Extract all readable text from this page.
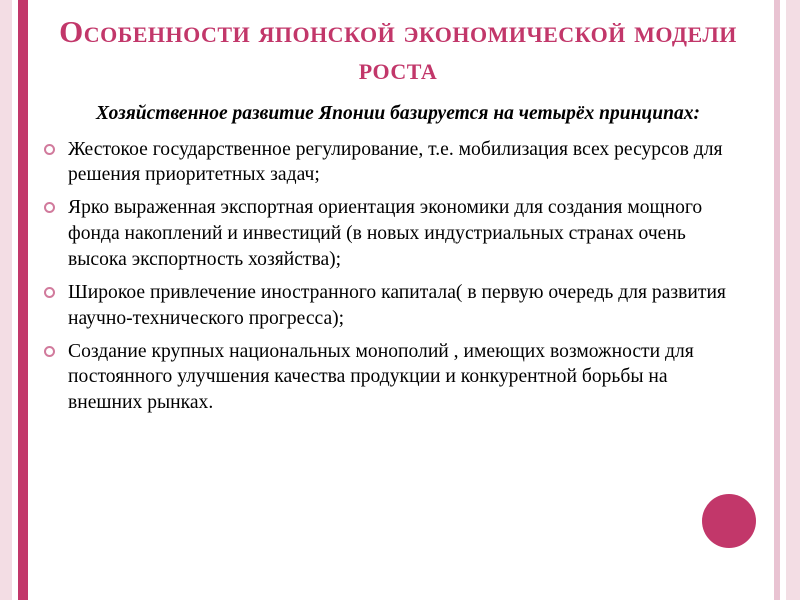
Особенности японской экономической модели роста

Хозяйственное развитие Японии базируется на четырёх принципах:

Жестокое государственное регулирование, т.е. мобилизация всех ресурсов для решения приоритетных задач;
Ярко выраженная экспортная ориентация экономики для создания мощного фонда накоплений и инвестиций (в новых индустриальных странах очень высока экспортность хозяйства);
Широкое привлечение иностранного капитала( в первую очередь для развития научно-технического прогресса);
Создание крупных национальных монополий , имеющих возможности для постоянного улучшения качества продукции и конкурентной борьбы на внешних рынках.
